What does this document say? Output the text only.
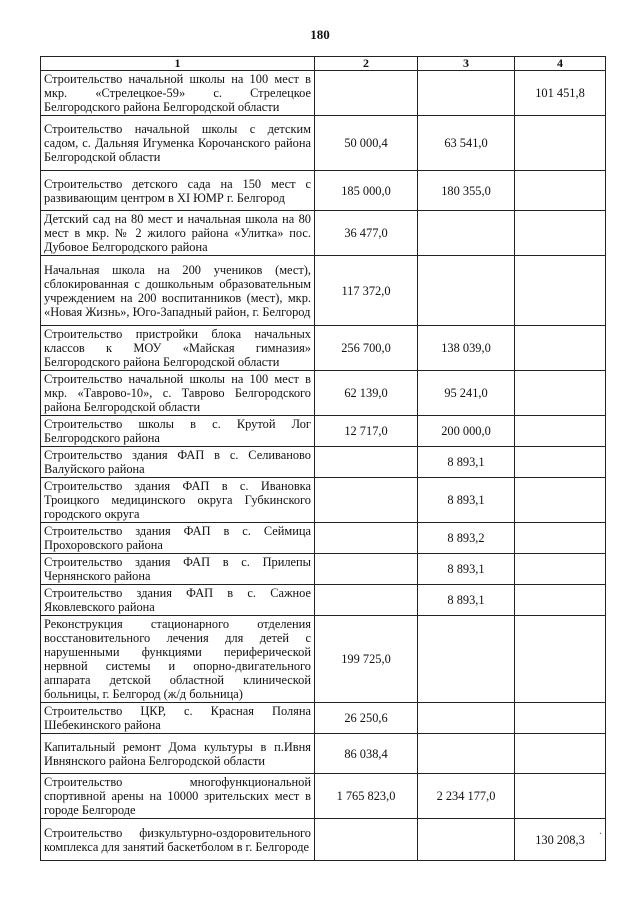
180
1	2	3	4
Строительство начальной школы на 100 мест в мкр. «Стрелецкое-59» с. Стрелецкое Белгородского района Белгородской области			101 451,8
Строительство начальной школы с детским садом, с. Дальняя Игуменка Корочанского района Белгородской области	50 000,4	63 541,0	
Строительство детского сада на 150 мест с развивающим центром в XI ЮМР г. Белгород	185 000,0	180 355,0	
Детский сад на 80 мест и начальная школа на 80 мест в мкр. № 2 жилого района «Улитка» пос. Дубовое Белгородского района	36 477,0		
Начальная школа на 200 учеников (мест), сблокированная с дошкольным образовательным учреждением на 200 воспитанников (мест), мкр. «Новая Жизнь», Юго-Западный район, г. Белгород	117 372,0		
Строительство пристройки блока начальных классов к МОУ «Майская гимназия» Белгородского района Белгородской области	256 700,0	138 039,0	
Строительство начальной школы на 100 мест в мкр. «Таврово-10», с. Таврово Белгородского района Белгородской области	62 139,0	95 241,0	
Строительство школы в с. Крутой Лог Белгородского района	12 717,0	200 000,0	
Строительство здания ФАП в с. Селиваново Валуйского района		8 893,1	
Строительство здания ФАП в с. Ивановка Троицкого медицинского округа Губкинского городского округа		8 893,1	
Строительство здания ФАП в с. Сеймица Прохоровского района		8 893,2	
Строительство здания ФАП в с. Прилепы Чернянского района		8 893,1	
Строительство здания ФАП в с. Сажное Яковлевского района		8 893,1	
Реконструкция стационарного отделения восстановительного лечения для детей с нарушенными функциями периферической нервной системы и опорно-двигательного аппарата детской областной клинической больницы, г. Белгород (ж/д больница)	199 725,0		
Строительство ЦКР, с. Красная Поляна Шебекинского района	26 250,6		
Капитальный ремонт Дома культуры в п.Ивня Ивнянского района Белгородской области	86 038,4		
Строительство многофункциональной спортивной арены на 10000 зрительских мест в городе Белгороде	1 765 823,0	2 234 177,0	
Строительство физкультурно-оздоровительного комплекса для занятий баскетболом в г. Белгороде			130 208,3
.
